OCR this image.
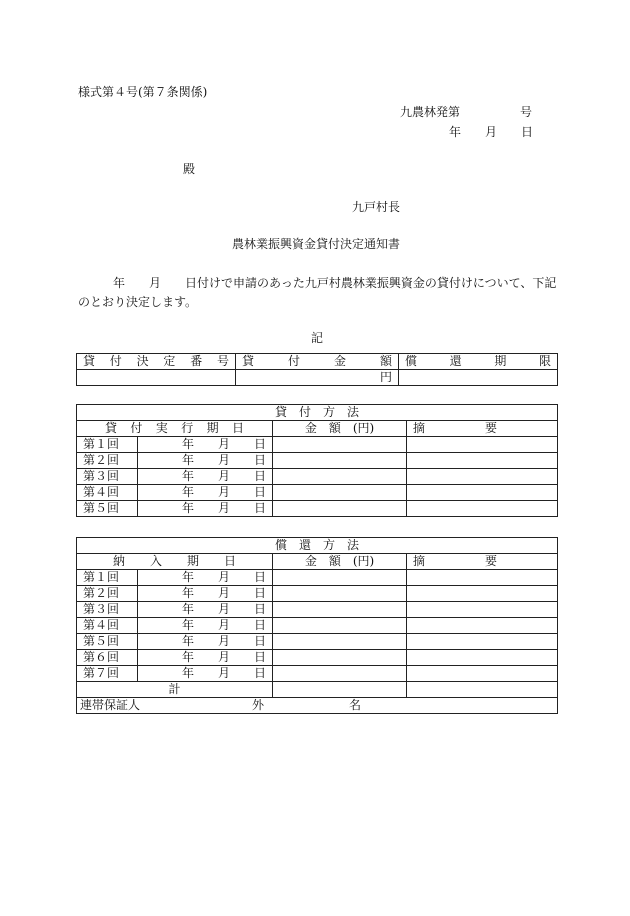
様式第４号(第７条関係)
九農林発第　　　　　号
年　　月　　日
殿
九戸村長
農林業振興資金貸付決定通知書
年　　月　　日付けで申請のあった九戸村農林業振興資金の貸付けについて、下記
のとおり決定します。
記
貸付決定番号	貸付金額	償還期限
	円	
貸　付　方　法			
貸付実行期日		金　額　(円)	摘　　　　　要
第１回	年　　月　　日		
第２回	年　　月　　日		
第３回	年　　月　　日		
第４回	年　　月　　日		
第５回	年　　月　　日		
償　還　方　法			
納入期日		金　額　(円)	摘　　　　　要
第１回	年　　月　　日		
第２回	年　　月　　日		
第３回	年　　月　　日		
第４回	年　　月　　日		
第５回	年　　月　　日		
第６回	年　　月　　日		
第７回	年　　月　　日		
計			

連帯保証人 外 名			
